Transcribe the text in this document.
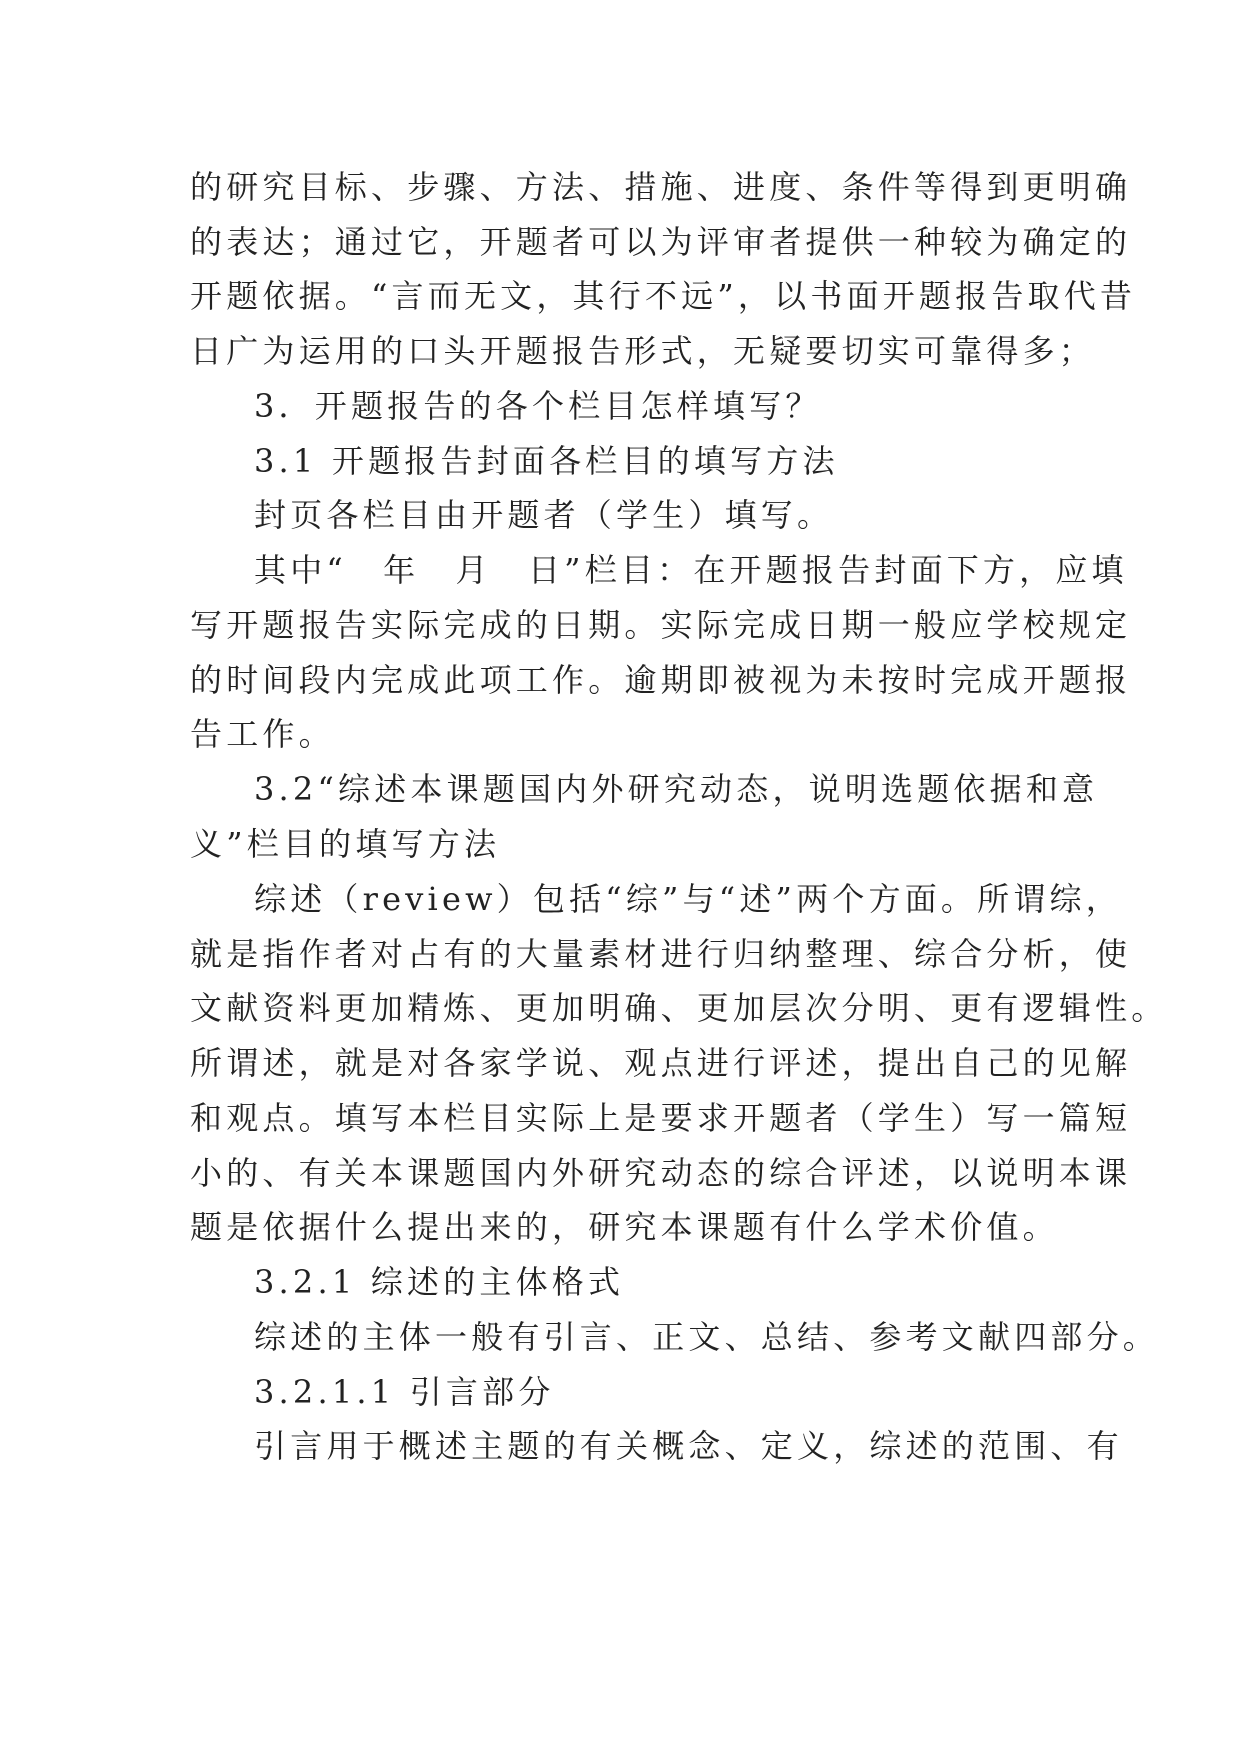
的研究目标、步骤、方法、措施、进度、条件等得到更明确

的表达；通过它，开题者可以为评审者提供一种较为确定的

开题依据。“言而无文，其行不远”，以书面开题报告取代昔

日广为运用的口头开题报告形式，无疑要切实可靠得多；

3．开题报告的各个栏目怎样填写？

3.1 开题报告封面各栏目的填写方法

封页各栏目由开题者（学生）填写。

其中“　年　月　日”栏目：在开题报告封面下方，应填

写开题报告实际完成的日期。实际完成日期一般应学校规定

的时间段内完成此项工作。逾期即被视为未按时完成开题报

告工作。

3.2“综述本课题国内外研究动态，说明选题依据和意

义”栏目的填写方法

综述（review）包括“综”与“述”两个方面。所谓综，

就是指作者对占有的大量素材进行归纳整理、综合分析，使

文献资料更加精炼、更加明确、更加层次分明、更有逻辑性。

所谓述，就是对各家学说、观点进行评述，提出自己的见解

和观点。填写本栏目实际上是要求开题者（学生）写一篇短

小的、有关本课题国内外研究动态的综合评述，以说明本课

题是依据什么提出来的，研究本课题有什么学术价值。

3.2.1 综述的主体格式

综述的主体一般有引言、正文、总结、参考文献四部分。

3.2.1.1 引言部分

引言用于概述主题的有关概念、定义，综述的范围、有
